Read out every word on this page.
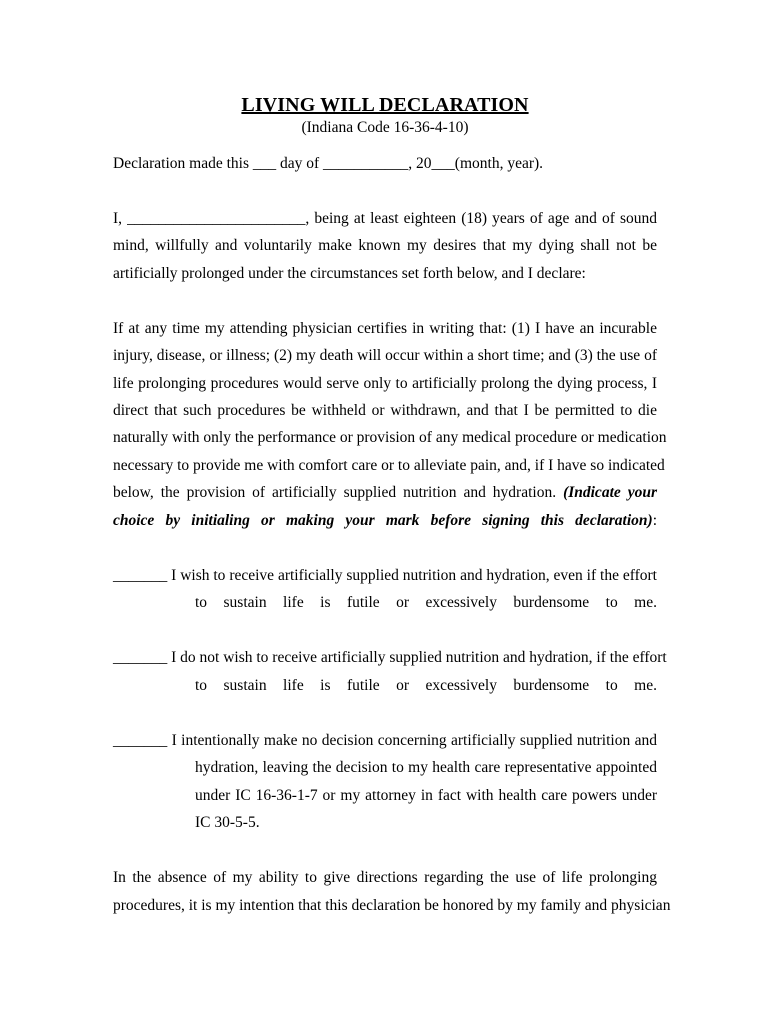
LIVING WILL DECLARATION
(Indiana Code 16-36-4-10)
Declaration made this ___ day of ___________, 20___(month, year).
I, _______________________, being at least eighteen (18) years of age and of sound
mind, willfully and voluntarily make known my desires that my dying shall not be
artificially prolonged under the circumstances set forth below, and I declare:
If at any time my attending physician certifies in writing that: (1) I have an incurable
injury, disease, or illness; (2) my death will occur within a short time; and (3) the use of
life prolonging procedures would serve only to artificially prolong the dying process, I
direct that such procedures be withheld or withdrawn, and that I be permitted to die
naturally with only the performance or provision of any medical procedure or medication
necessary to provide me with comfort care or to alleviate pain, and, if I have so indicated
below, the provision of artificially supplied nutrition and hydration. (Indicate your
choice by initialing or making your mark before signing this declaration):
_______ I wish to receive artificially supplied nutrition and hydration, even if the effort
to sustain life is futile or excessively burdensome to me.
_______ I do not wish to receive artificially supplied nutrition and hydration, if the effort
to sustain life is futile or excessively burdensome to me.
_______ I intentionally make no decision concerning artificially supplied nutrition and
hydration, leaving the decision to my health care representative appointed
under IC 16-36-1-7 or my attorney in fact with health care powers under
IC 30-5-5.
In the absence of my ability to give directions regarding the use of life prolonging
procedures, it is my intention that this declaration be honored by my family and physician
